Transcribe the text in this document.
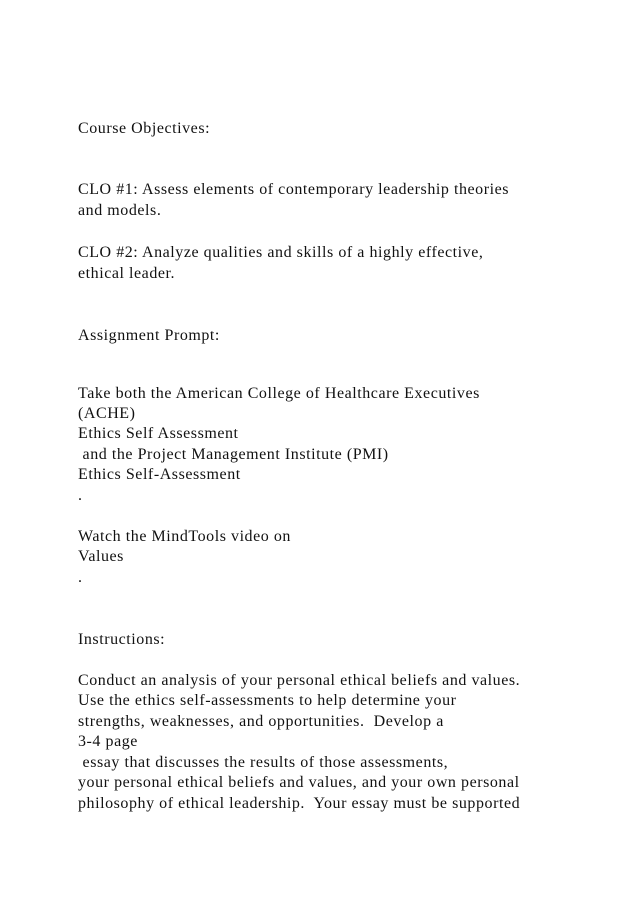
Course Objectives:

CLO #1: Assess elements of contemporary leadership theories

and models.

CLO #2: Analyze qualities and skills of a highly effective,

ethical leader.

Assignment Prompt:

Take both the American College of Healthcare Executives

(ACHE)

Ethics Self Assessment

and the Project Management Institute (PMI)

Ethics Self-Assessment

.

Watch the MindTools video on

Values

.

Instructions:

Conduct an analysis of your personal ethical beliefs and values.

Use the ethics self-assessments to help determine your

strengths, weaknesses, and opportunities.  Develop a

3-4 page

essay that discusses the results of those assessments,

your personal ethical beliefs and values, and your own personal

philosophy of ethical leadership.  Your essay must be supported
